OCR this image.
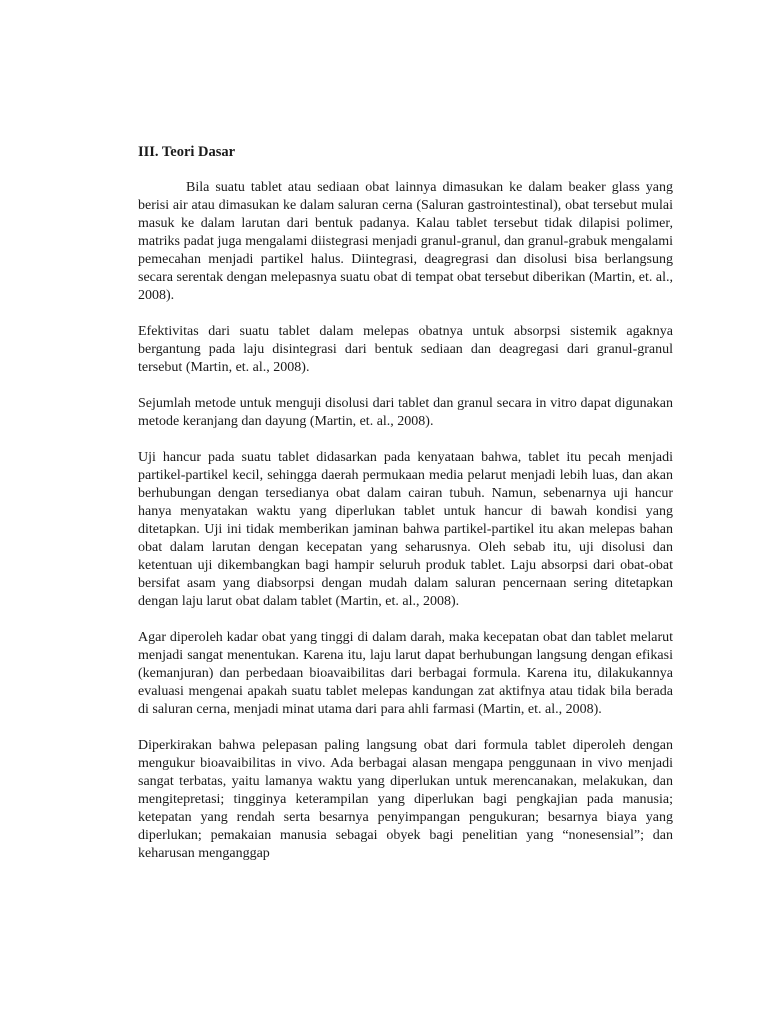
III. Teori Dasar

Bila suatu tablet atau sediaan obat lainnya dimasukan ke dalam beaker glass yang berisi air atau dimasukan ke dalam saluran cerna (Saluran gastrointestinal), obat tersebut mulai masuk ke dalam larutan dari bentuk padanya. Kalau tablet tersebut tidak dilapisi polimer, matriks padat juga mengalami diistegrasi menjadi granul-granul, dan granul-grabuk mengalami pemecahan menjadi partikel halus. Diintegrasi, deagregrasi dan disolusi bisa berlangsung secara serentak dengan melepasnya suatu obat di tempat obat tersebut diberikan (Martin, et. al., 2008).

Efektivitas dari suatu tablet dalam melepas obatnya untuk absorpsi sistemik agaknya bergantung pada laju disintegrasi dari bentuk sediaan dan deagregasi dari granul-granul tersebut (Martin, et. al., 2008).

Sejumlah metode untuk menguji disolusi dari tablet dan granul secara in vitro dapat digunakan metode keranjang dan dayung (Martin, et. al., 2008).

Uji hancur pada suatu tablet didasarkan pada kenyataan bahwa, tablet itu pecah menjadi partikel-partikel kecil, sehingga daerah permukaan media pelarut menjadi lebih luas, dan akan berhubungan dengan tersedianya obat dalam cairan tubuh. Namun, sebenarnya uji hancur hanya menyatakan waktu yang diperlukan tablet untuk hancur di bawah kondisi yang ditetapkan. Uji ini tidak memberikan jaminan bahwa partikel-partikel itu akan melepas bahan obat dalam larutan dengan kecepatan yang seharusnya. Oleh sebab itu, uji disolusi dan ketentuan uji dikembangkan bagi hampir seluruh produk tablet. Laju absorpsi dari obat-obat bersifat asam yang diabsorpsi dengan mudah dalam saluran pencernaan sering ditetapkan dengan laju larut obat dalam tablet (Martin, et. al., 2008).

Agar diperoleh kadar obat yang tinggi di dalam darah, maka kecepatan obat dan tablet melarut menjadi sangat menentukan. Karena itu, laju larut dapat berhubungan langsung dengan efikasi (kemanjuran) dan perbedaan bioavaibilitas dari berbagai formula. Karena itu, dilakukannya evaluasi mengenai apakah suatu tablet melepas kandungan zat aktifnya atau tidak bila berada di saluran cerna, menjadi minat utama dari para ahli farmasi (Martin, et. al., 2008).

Diperkirakan bahwa pelepasan paling langsung obat dari formula tablet diperoleh dengan mengukur bioavaibilitas in vivo. Ada berbagai alasan mengapa penggunaan in vivo menjadi sangat terbatas, yaitu lamanya waktu yang diperlukan untuk merencanakan, melakukan, dan mengitepretasi; tingginya keterampilan yang diperlukan bagi pengkajian pada manusia; ketepatan yang rendah serta besarnya penyimpangan pengukuran; besarnya biaya yang diperlukan; pemakaian manusia sebagai obyek bagi penelitian yang “nonesensial”; dan keharusan menganggap
